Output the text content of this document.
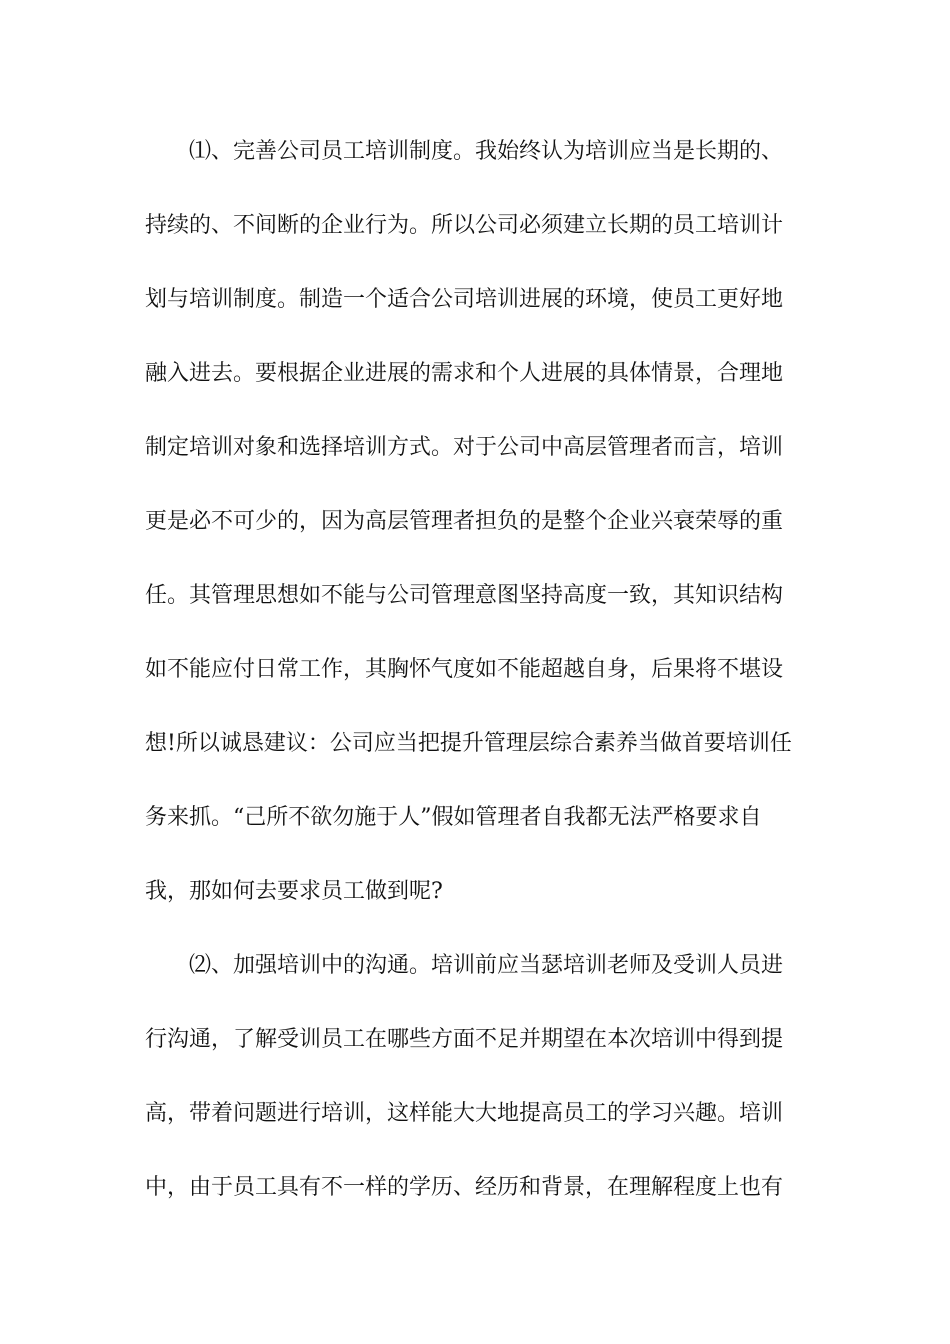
⑴、完善公司员工培训制度。我始终认为培训应当是长期的、
持续的、不间断的企业行为。所以公司必须建立长期的员工培训计
划与培训制度。制造一个适合公司培训进展的环境，使员工更好地
融入进去。要根据企业进展的需求和个人进展的具体情景，合理地
制定培训对象和选择培训方式。对于公司中高层管理者而言，培训
更是必不可少的，因为高层管理者担负的是整个企业兴衰荣辱的重
任。其管理思想如不能与公司管理意图坚持高度一致，其知识结构
如不能应付日常工作，其胸怀气度如不能超越自身，后果将不堪设
想!所以诚恳建议：公司应当把提升管理层综合素养当做首要培训任
务来抓。“己所不欲勿施于人”假如管理者自我都无法严格要求自
我，那如何去要求员工做到呢?
⑵、加强培训中的沟通。培训前应当瑟培训老师及受训人员进
行沟通，了解受训员工在哪些方面不足并期望在本次培训中得到提
高，带着问题进行培训，这样能大大地提高员工的学习兴趣。培训
中，由于员工具有不一样的学历、经历和背景，在理解程度上也有
